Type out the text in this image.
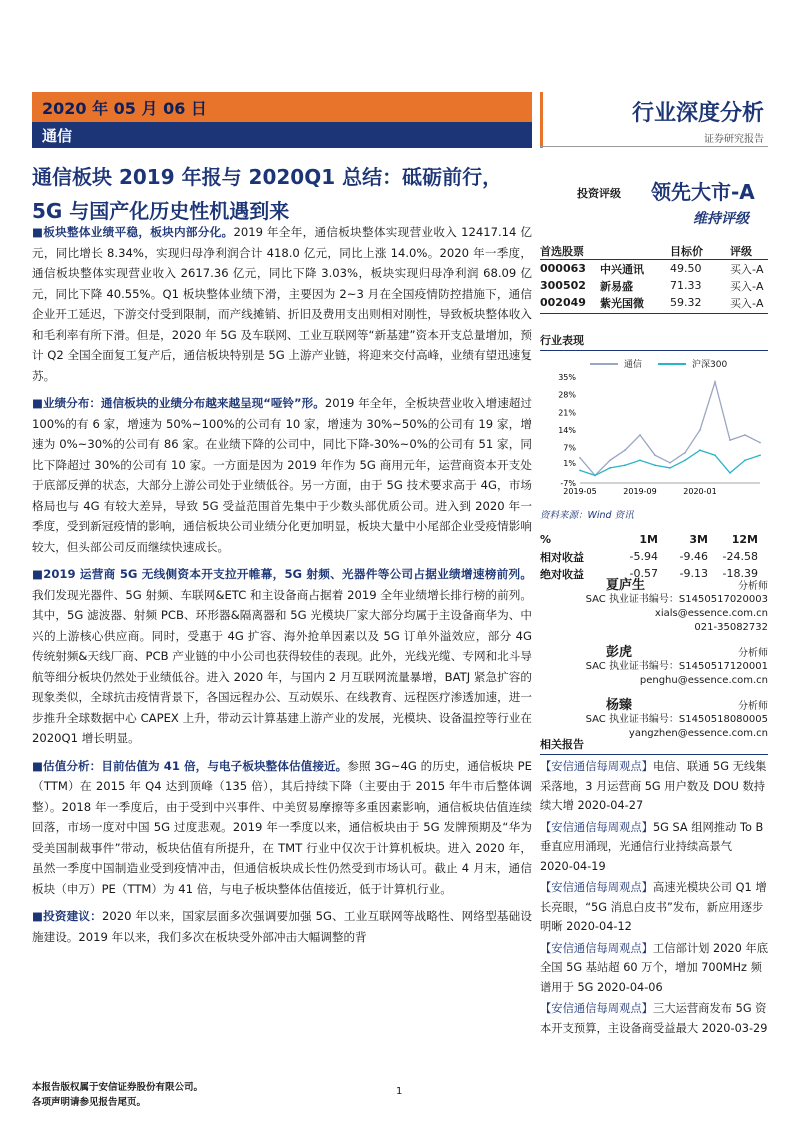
2020 年 05 月 06 日
通信
行业深度分析
证券研究报告
通信板块 2019 年报与 2020Q1 总结：砥砺前行，5G 与国产化历史性机遇到来
投资评级 领先大市-A
维持评级

■板块整体业绩平稳，板块内部分化。2019 年全年，通信板块整体实现营业收入 12417.14 亿元，同比增长 8.34%，实现归母净利润合计 418.0 亿元，同比上涨 14.0%。2020 年一季度，通信板块整体实现营业收入 2617.36 亿元，同比下降 3.03%，板块实现归母净利润 68.09 亿元，同比下降 40.55%。Q1 板块整体业绩下滑，主要因为 2~3 月在全国疫情防控措施下，通信企业开工延迟，下游交付受到限制，而产线摊销、折旧及费用支出则相对刚性，导致板块整体收入和毛利率有所下滑。但是，2020 年 5G 及车联网、工业互联网等“新基建”资本开支总量增加，预计 Q2 全国全面复工复产后，通信板块特别是 5G 上游产业链，将迎来交付高峰，业绩有望迅速复苏。

■业绩分布：通信板块的业绩分布越来越呈现“哑铃”形。2019 年全年，全板块营业收入增速超过 100%的有 6 家，增速为 50%~100%的公司有 10 家，增速为 30%~50%的公司有 19 家，增速为 0%~30%的公司有 86 家。在业绩下降的公司中，同比下降-30%~0%的公司有 51 家，同比下降超过 30%的公司有 10 家。一方面是因为 2019 年作为 5G 商用元年，运营商资本开支处于底部反弹的状态，大部分上游公司处于业绩低谷。另一方面，由于 5G 技术要求高于 4G，市场格局也与 4G 有较大差异，导致 5G 受益范围首先集中于少数头部优质公司。进入到 2020 年一季度，受到新冠疫情的影响，通信板块公司业绩分化更加明显，板块大量中小尾部企业受疫情影响较大，但头部公司反而继续快速成长。

■2019 运营商 5G 无线侧资本开支拉开帷幕，5G 射频、光器件等公司占据业绩增速榜前列。我们发现光器件、5G 射频、车联网&ETC 和主设备商占据着 2019 全年业绩增长排行榜的前列。其中，5G 滤波器、射频 PCB、环形器&隔离器和 5G 光模块厂家大部分均属于主设备商华为、中兴的上游核心供应商。同时，受惠于 4G 扩容、海外抢单因素以及 5G 订单外溢效应，部分 4G 传统射频&天线厂商、PCB 产业链的中小公司也获得较佳的表现。此外，光线光缆、专网和北斗导航等细分板块仍然处于业绩低谷。进入 2020 年，与国内 2 月互联网流量暴增，BATJ 紧急扩容的现象类似，全球抗击疫情背景下，各国远程办公、互动娱乐、在线教育、远程医疗渗透加速，进一步推升全球数据中心 CAPEX 上升，带动云计算基建上游产业的发展，光模块、设备温控等行业在 2020Q1 增长明显。

■估值分析：目前估值为 41 倍，与电子板块整体估值接近。参照 3G~4G 的历史，通信板块 PE（TTM）在 2015 年 Q4 达到顶峰（135 倍），其后持续下降（主要由于 2015 年牛市后整体调整）。2018 年一季度后，由于受到中兴事件、中美贸易摩擦等多重因素影响，通信板块估值连续回落，市场一度对中国 5G 过度悲观。2019 年一季度以来，通信板块由于 5G 发牌预期及“华为受美国制裁事件”带动，板块估值有所提升，在 TMT 行业中仅次于计算机板块。进入 2020 年，虽然一季度中国制造业受到疫情冲击，但通信板块成长性仍然受到市场认可。截止 4 月末，通信板块（申万）PE（TTM）为 41 倍，与电子板块整体估值接近，低于计算机行业。

■投资建议：2020 年以来，国家层面多次强调要加强 5G、工业互联网等战略性、网络型基础设施建设。2019 年以来，我们多次在板块受外部冲击大幅调整的背

首选股票	目标价	评级
000063	中兴通讯	49.50	买入-A
300502	新易盛	71.33	买入-A
002049	紫光国微	59.32	买入-A
行业表现
通信	沪深300
-7%
1%
7%
14%
21%
28%
35%
2019-05	2019-09	2020-01
资料来源：Wind 资讯
%	1M	3M	12M
相对收益	-5.94	-9.46	-24.58
绝对收益	-0.57	-9.13	-18.39
夏庐生	分析师
SAC 执业证书编号：S1450517020003
xials@essence.com.cn
021-35082732
彭虎	分析师
SAC 执业证书编号：S1450517120001
penghu@essence.com.cn
杨臻	分析师
SAC 执业证书编号：S1450518080005
yangzhen@essence.com.cn
相关报告
【安信通信每周观点】电信、联通 5G 无线集采落地，3 月运营商 5G 用户数及 DOU 数持续大增 2020-04-27
【安信通信每周观点】5G SA 组网推动 To B 垂直应用涌现，光通信行业持续高景气 2020-04-19
【安信通信每周观点】高速光模块公司 Q1 增长亮眼，“5G 消息白皮书”发布，新应用逐步明晰 2020-04-12
【安信通信每周观点】工信部计划 2020 年底全国 5G 基站超 60 万个，增加 700MHz 频谱用于 5G 2020-04-06
【安信通信每周观点】三大运营商发布 5G 资本开支预算，主设备商受益最大 2020-03-29
本报告版权属于安信证券股份有限公司。
各项声明请参见报告尾页。
1
